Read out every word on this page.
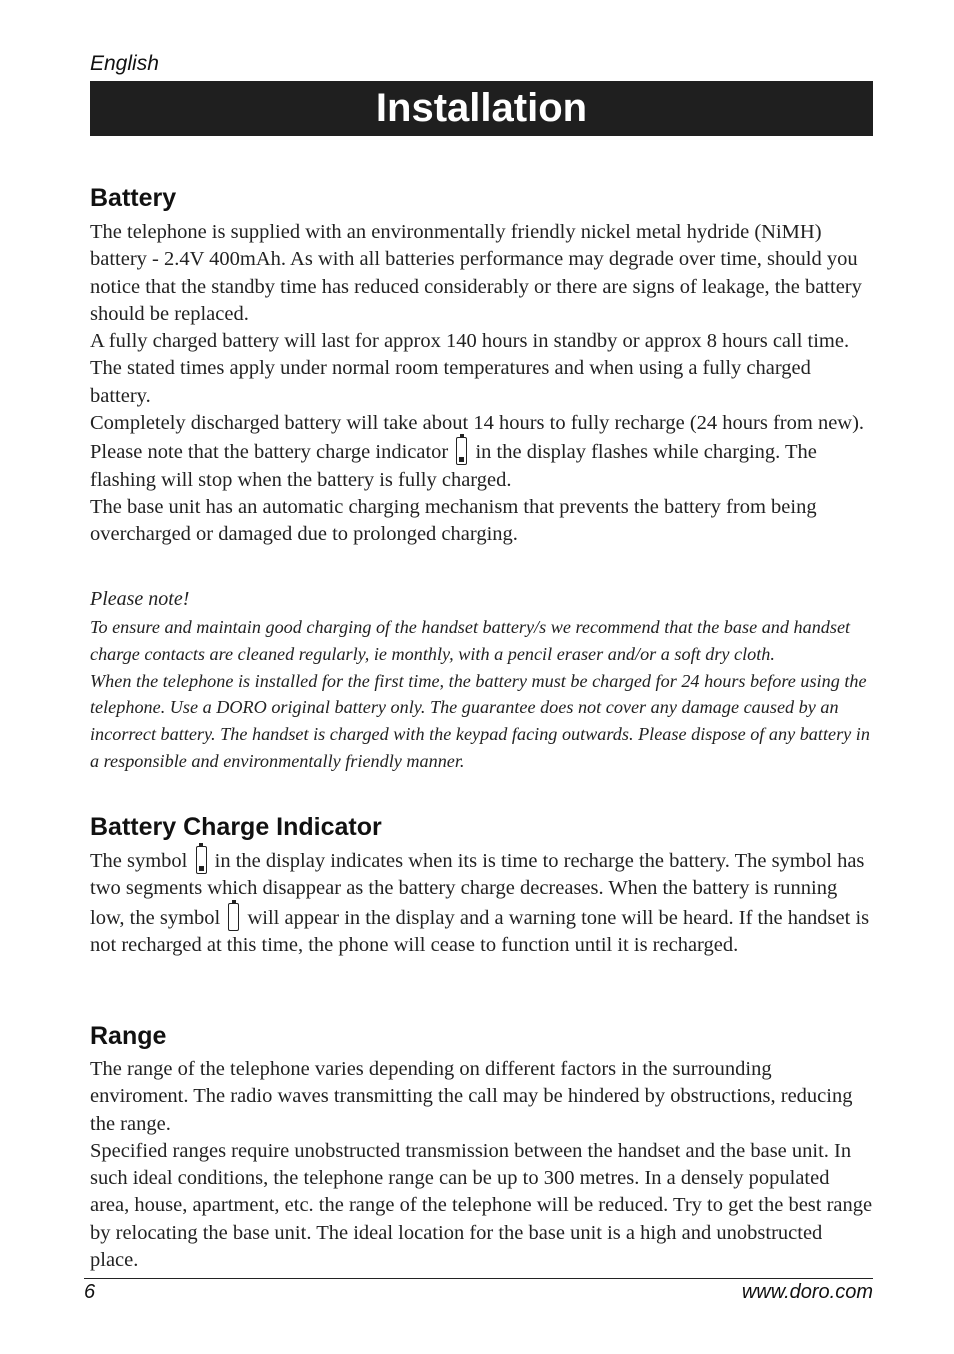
English
Installation
Battery

The telephone is supplied with an environmentally friendly nickel metal hydride (NiMH) battery - 2.4V 400mAh. As with all batteries performance may degrade over time, should you notice that the standby time has reduced considerably or there are signs of leakage, the battery should be replaced.

A fully charged battery will last for approx 140 hours in standby or approx 8 hours call time. The stated times apply under normal room temperatures and when using a fully charged battery.

Completely discharged battery will take about 14 hours to fully recharge (24 hours from new).

Please note that the battery charge indicator
in the display flashes while charging. The flashing will stop when the battery is fully charged.

The base unit has an automatic charging mechanism that prevents the battery from being overcharged or damaged due to prolonged charging.

Please note!

To ensure and maintain good charging of the handset battery/s we recommend that the base and handset charge contacts are cleaned regularly, ie monthly, with a pencil eraser and/or a soft dry cloth.

When the telephone is installed for the first time, the battery must be charged for 24 hours before using the telephone. Use a DORO original battery only. The guarantee does not cover any damage caused by an incorrect battery. The handset is charged with the keypad facing outwards. Please dispose of any battery in a responsible and environmentally friendly manner.

Battery Charge Indicator

The symbol
in the display indicates when its is time to recharge the battery. The symbol has two segments which disappear as the battery charge decreases. When the battery is running low, the symbol  will appear in the display and a warning tone will be heard. If the handset is not recharged at this time, the phone will cease to function until it is recharged.

Range

The range of the telephone varies depending on different factors in the surrounding enviroment. The radio waves transmitting the call may be hindered by obstructions, reducing the range.

Specified ranges require unobstructed transmission between the handset and the base unit. In such ideal conditions, the telephone range can be up to 300 metres. In a densely populated area, house, apartment, etc. the range of the telephone will be reduced. Try to get the best range by relocating the base unit. The ideal location for the base unit is a high and unobstructed place.

6	www.doro.com
